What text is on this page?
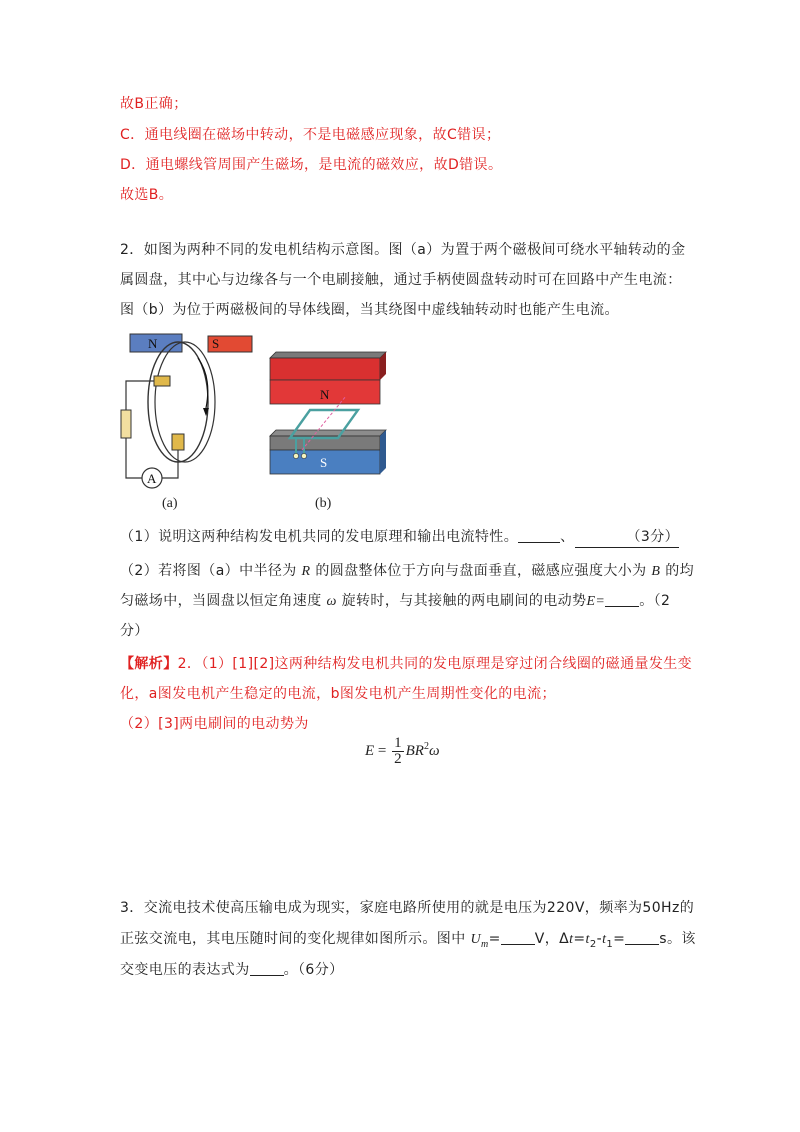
故B正确；
C．通电线圈在磁场中转动，不是电磁感应现象，故C错误；
D．通电螺线管周围产生磁场，是电流的磁效应，故D错误。
故选B。
2．如图为两种不同的发电机结构示意图。图（a）为置于两个磁极间可绕水平轴转动的金
属圆盘，其中心与边缘各与一个电刷接触，通过手柄使圆盘转动时可在回路中产生电流：
图（b）为位于两磁极间的导体线圈，当其绕图中虚线轴转动时也能产生电流。
N	S
A
(a)
N
S
(b)
（1）说明这两种结构发电机共同的发电原理和输出电流特性。	、	（3分）
（2）若将图（a）中半径为 R 的圆盘整体位于方向与盘面垂直，磁感应强度大小为 B 的均
匀磁场中，当圆盘以恒定角速度 ω 旋转时，与其接触的两电刷间的电动势E= 。（2
分）
【解析】2．（1）[1][2]这两种结构发电机共同的发电原理是穿过闭合线圈的磁通量发生变
化，a图发电机产生稳定的电流，b图发电机产生周期性变化的电流；
（2）[3]两电刷间的电动势为
$E = \frac{1}{2} BR^2\omega$
3．交流电技术使高压输电成为现实，家庭电路所使用的就是电压为220V，频率为50Hz的
正弦交流电，其电压随时间的变化规律如图所示。图中 $U_m= V$，$\Delta t=t_2-t_1= s$。该
交变电压的表达式为 。（6分）
